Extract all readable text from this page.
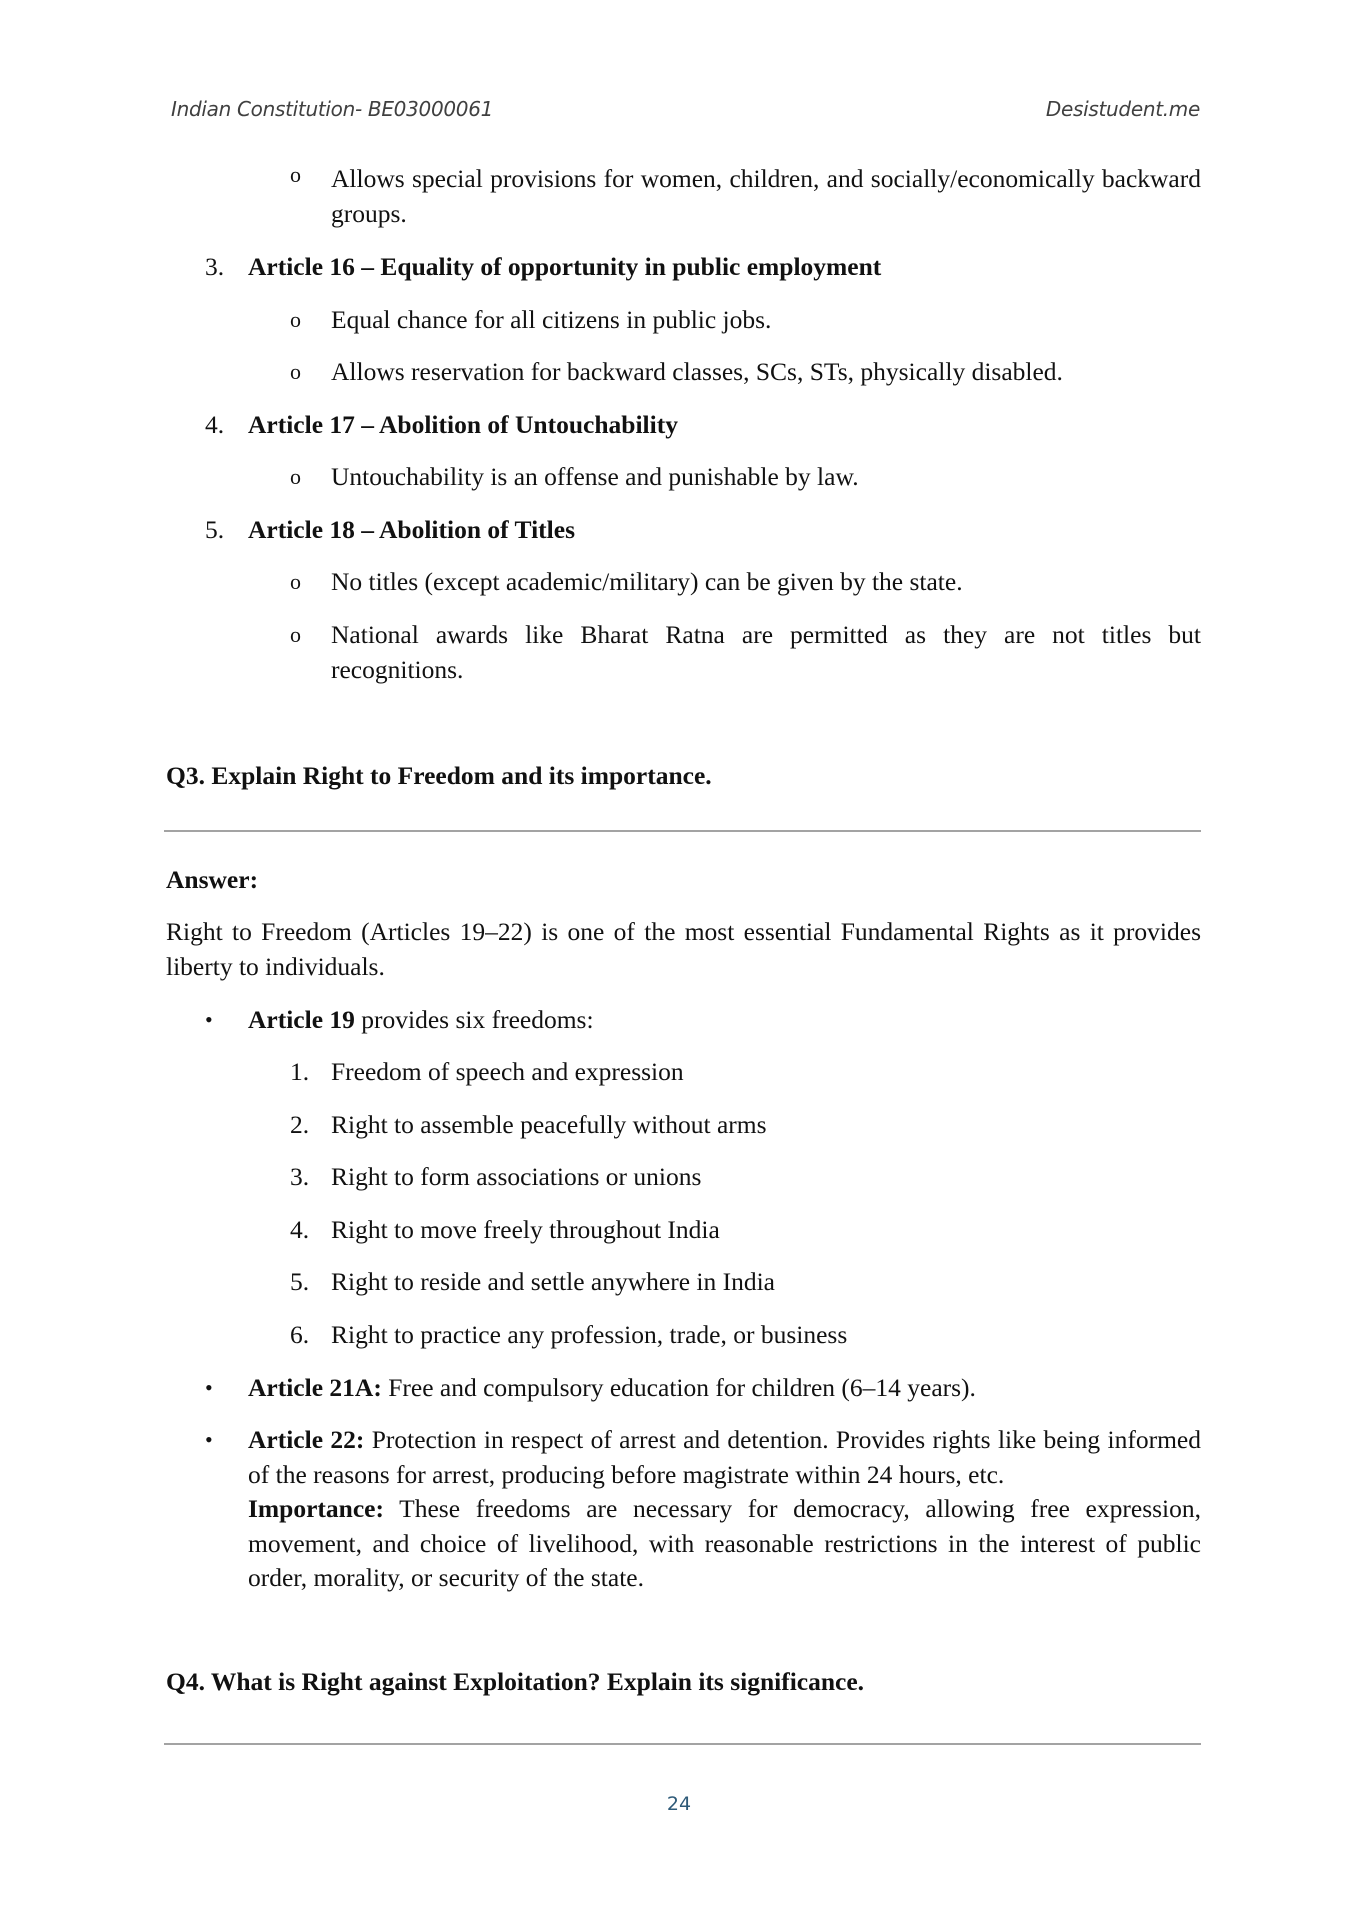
Indian Constitution- BE03000061	Desistudent.me
o Allows special provisions for women, children, and socially/economically backward groups.
3. Article 16 – Equality of opportunity in public employment
o Equal chance for all citizens in public jobs.
o Allows reservation for backward classes, SCs, STs, physically disabled.
4. Article 17 – Abolition of Untouchability
o Untouchability is an offense and punishable by law.
5. Article 18 – Abolition of Titles
o No titles (except academic/military) can be given by the state.
o National awards like Bharat Ratna are permitted as they are not titles but recognitions.
Q3. Explain Right to Freedom and its importance.
Answer:
Right to Freedom (Articles 19–22) is one of the most essential Fundamental Rights as it provides liberty to individuals.
• Article 19 provides six freedoms:
1. Freedom of speech and expression
2. Right to assemble peacefully without arms
3. Right to form associations or unions
4. Right to move freely throughout India
5. Right to reside and settle anywhere in India
6. Right to practice any profession, trade, or business
• Article 21A: Free and compulsory education for children (6–14 years).
• Article 22: Protection in respect of arrest and detention. Provides rights like being informed of the reasons for arrest, producing before magistrate within 24 hours, etc.
Importance: These freedoms are necessary for democracy, allowing free expression, movement, and choice of livelihood, with reasonable restrictions in the interest of public order, morality, or security of the state.
Q4. What is Right against Exploitation? Explain its significance.
24
